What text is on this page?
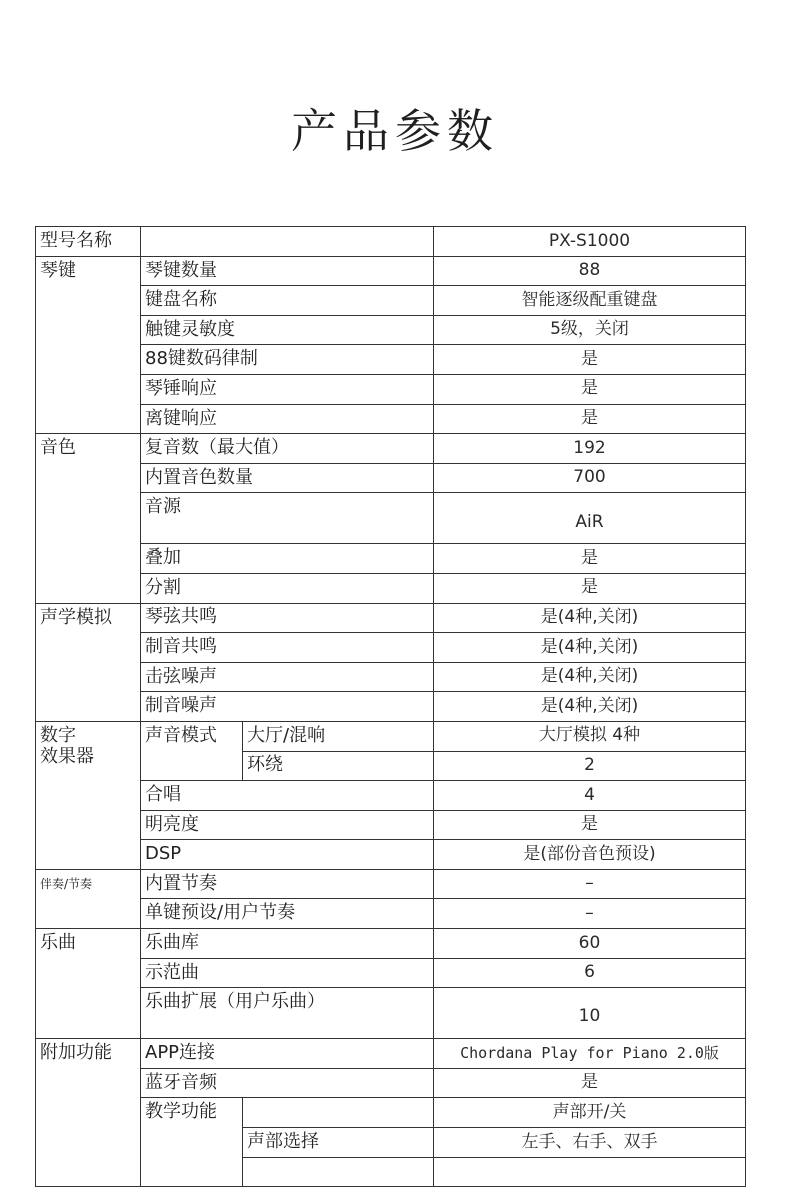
产品参数
型号名称			PX-S1000
琴键	琴键数量		88
	键盘名称		智能逐级配重键盘
	触键灵敏度		5级，关闭
	88键数码律制		是
	琴锤响应		是
	离键响应		是
音色	复音数（最大值）		192
	内置音色数量		700
	音源		AiR
	叠加		是
	分割		是
声学模拟	琴弦共鸣		是(4种,关闭)
	制音共鸣		是(4种,关闭)
	击弦噪声		是(4种,关闭)
	制音噪声		是(4种,关闭)
数字
效果器	声音模式	大厅/混响	大厅模拟 4种
		环绕	2
	合唱		4
	明亮度		是
	DSP		是(部份音色预设)
伴奏/节奏	内置节奏		–
	单键预设/用户节奏		–
乐曲	乐曲库		60
	示范曲		6
	乐曲扩展（用户乐曲）		10
附加功能	APP连接		Chordana Play for Piano 2.0版
	蓝牙音频		是
	教学功能		声部开/关
		声部选择	左手、右手、双手
